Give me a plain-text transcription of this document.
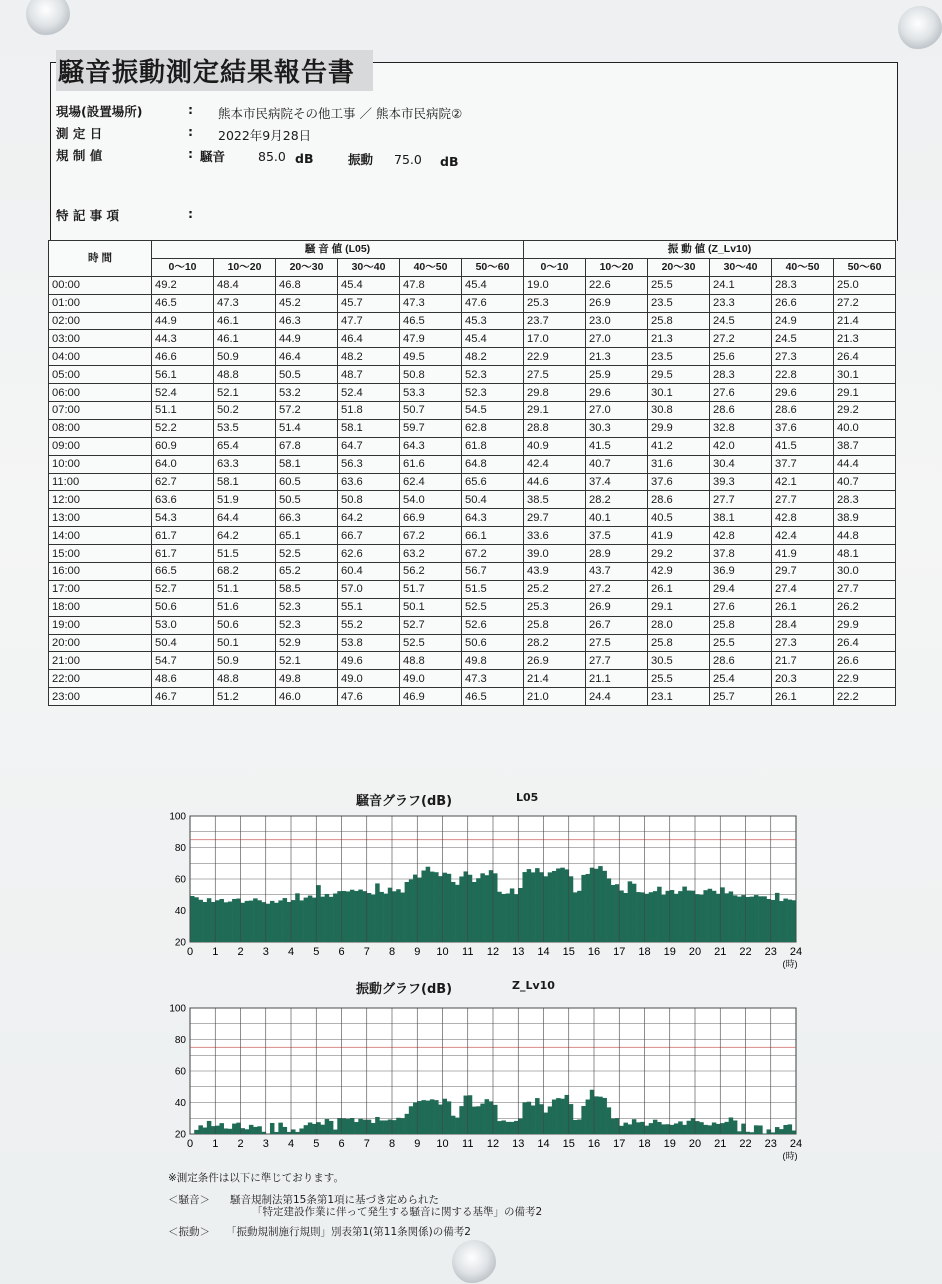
騒音振動測定結果報告書
現場(設置場所)	: 熊本市民病院その他工事 ／ 熊本市民病院②
測 定 日	: 2022年9月28日
規 制 値	: 騒音	85.0 dB	振動 75.0 dB
特 記 事 項	:
時 間	騒 音 値 (L05)						振 動 値 (Z_Lv10)					
	0～10	10～20	20～30	30～40	40～50	50～60	0～10	10～20	20～30	30～40	40～50	50～60
00:00	49.2	48.4	46.8	45.4	47.8	45.4	19.0	22.6	25.5	24.1	28.3	25.0
01:00	46.5	47.3	45.2	45.7	47.3	47.6	25.3	26.9	23.5	23.3	26.6	27.2
02:00	44.9	46.1	46.3	47.7	46.5	45.3	23.7	23.0	25.8	24.5	24.9	21.4
03:00	44.3	46.1	44.9	46.4	47.9	45.4	17.0	27.0	21.3	27.2	24.5	21.3
04:00	46.6	50.9	46.4	48.2	49.5	48.2	22.9	21.3	23.5	25.6	27.3	26.4
05:00	56.1	48.8	50.5	48.7	50.8	52.3	27.5	25.9	29.5	28.3	22.8	30.1
06:00	52.4	52.1	53.2	52.4	53.3	52.3	29.8	29.6	30.1	27.6	29.6	29.1
07:00	51.1	50.2	57.2	51.8	50.7	54.5	29.1	27.0	30.8	28.6	28.6	29.2
08:00	52.2	53.5	51.4	58.1	59.7	62.8	28.8	30.3	29.9	32.8	37.6	40.0
09:00	60.9	65.4	67.8	64.7	64.3	61.8	40.9	41.5	41.2	42.0	41.5	38.7
10:00	64.0	63.3	58.1	56.3	61.6	64.8	42.4	40.7	31.6	30.4	37.7	44.4
11:00	62.7	58.1	60.5	63.6	62.4	65.6	44.6	37.4	37.6	39.3	42.1	40.7
12:00	63.6	51.9	50.5	50.8	54.0	50.4	38.5	28.2	28.6	27.7	27.7	28.3
13:00	54.3	64.4	66.3	64.2	66.9	64.3	29.7	40.1	40.5	38.1	42.8	38.9
14:00	61.7	64.2	65.1	66.7	67.2	66.1	33.6	37.5	41.9	42.8	42.4	44.8
15:00	61.7	51.5	52.5	62.6	63.2	67.2	39.0	28.9	29.2	37.8	41.9	48.1
16:00	66.5	68.2	65.2	60.4	56.2	56.7	43.9	43.7	42.9	36.9	29.7	30.0
17:00	52.7	51.1	58.5	57.0	51.7	51.5	25.2	27.2	26.1	29.4	27.4	27.7
18:00	50.6	51.6	52.3	55.1	50.1	52.5	25.3	26.9	29.1	27.6	26.1	26.2
19:00	53.0	50.6	52.3	55.2	52.7	52.6	25.8	26.7	28.0	25.8	28.4	29.9
20:00	50.4	50.1	52.9	53.8	52.5	50.6	28.2	27.5	25.8	25.5	27.3	26.4
21:00	54.7	50.9	52.1	49.6	48.8	49.8	26.9	27.7	30.5	28.6	21.7	26.6
22:00	48.6	48.8	49.8	49.0	49.0	47.3	21.4	21.1	25.5	25.4	20.3	22.9
23:00	46.7	51.2	46.0	47.6	46.9	46.5	21.0	24.4	23.1	25.7	26.1	22.2
騒音グラフ(dB)	L05
20
40
60
80
100
0 1 2 3 4 5 6 7 8 9 10 11 12 13 14 15 16 17 18 19 20 21 22 23 24
(時)
振動グラフ(dB)	Z_Lv10
20
40
60
80
100
0 1 2 3 4 5 6 7 8 9 10 11 12 13 14 15 16 17 18 19 20 21 22 23 24
(時)
※測定条件は以下に準じております。
＜騒音＞ 騒音規制法第15条第1項に基づき定められた
「特定建設作業に伴って発生する騒音に関する基準」の備考2
＜振動＞ 「振動規制施行規則」別表第1(第11条関係)の備考2
